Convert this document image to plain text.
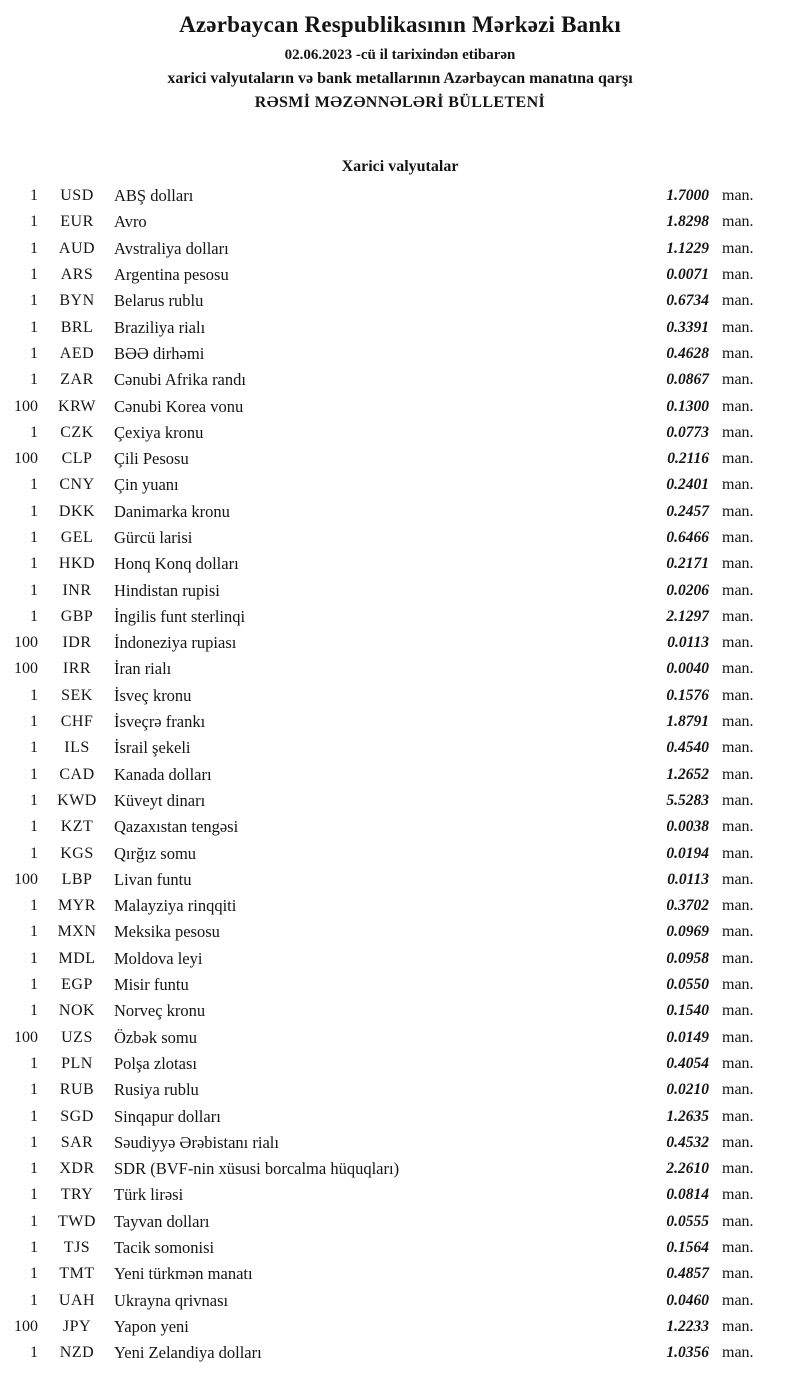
Azərbaycan Respublikasının Mərkəzi Bankı
02.06.2023 -cü il tarixindən etibarən
xarici valyutaların və bank metallarının Azərbaycan manatına qarşı
RƏSMİ MƏZƏNNƏLƏRİ BÜLLETENİ
Xarici valyutalar
1	USD	ABŞ dolları	1.7000 man.
1	EUR	Avro	1.8298 man.
1	AUD	Avstraliya dolları	1.1229 man.
1	ARS	Argentina pesosu	0.0071 man.
1	BYN	Belarus rublu	0.6734 man.
1	BRL	Braziliya rialı	0.3391 man.
1	AED	BƏƏ dirhəmi	0.4628 man.
1	ZAR	Cənubi Afrika randı	0.0867 man.
100	KRW	Cənubi Korea vonu	0.1300 man.
1	CZK	Çexiya kronu	0.0773 man.
100	CLP	Çili Pesosu	0.2116 man.
1	CNY	Çin yuanı	0.2401 man.
1	DKK	Danimarka kronu	0.2457 man.
1	GEL	Gürcü larisi	0.6466 man.
1	HKD	Honq Konq dolları	0.2171 man.
1	INR	Hindistan rupisi	0.0206 man.
1	GBP	İngilis funt sterlinqi	2.1297 man.
100	IDR	İndoneziya rupiası	0.0113 man.
100	IRR	İran rialı	0.0040 man.
1	SEK	İsveç kronu	0.1576 man.
1	CHF	İsveçrə frankı	1.8791 man.
1	ILS	İsrail şekeli	0.4540 man.
1	CAD	Kanada dolları	1.2652 man.
1	KWD	Küveyt dinarı	5.5283 man.
1	KZT	Qazaxıstan tengəsi	0.0038 man.
1	KGS	Qırğız somu	0.0194 man.
100	LBP	Livan funtu	0.0113 man.
1	MYR	Malayziya rinqqiti	0.3702 man.
1	MXN	Meksika pesosu	0.0969 man.
1	MDL	Moldova leyi	0.0958 man.
1	EGP	Misir funtu	0.0550 man.
1	NOK	Norveç kronu	0.1540 man.
100	UZS	Özbək somu	0.0149 man.
1	PLN	Polşa zlotası	0.4054 man.
1	RUB	Rusiya rublu	0.0210 man.
1	SGD	Sinqapur dolları	1.2635 man.
1	SAR	Səudiyyə Ərəbistanı rialı	0.4532 man.
1	XDR	SDR (BVF-nin xüsusi borcalma hüquqları)	2.2610 man.
1	TRY	Türk lirəsi	0.0814 man.
1	TWD	Tayvan dolları	0.0555 man.
1	TJS	Tacik somonisi	0.1564 man.
1	TMT	Yeni türkmən manatı	0.4857 man.
1	UAH	Ukrayna qrivnası	0.0460 man.
100	JPY	Yapon yeni	1.2233 man.
1	NZD	Yeni Zelandiya dolları	1.0356 man.
